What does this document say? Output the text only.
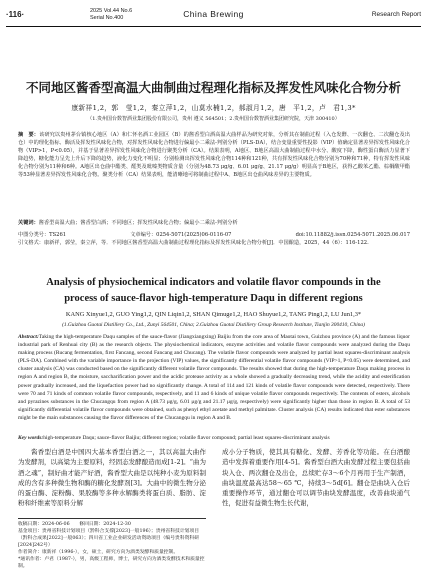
·116·	2025 Vol.44 No.6
Serial No.400	China Brewing	Research Report
不同地区酱香型高温大曲制曲过程理化指标及挥发性风味化合物分析
康新祥1,2，郭　莹1,2，秦立萍1,2，山莫水楠1,2，郝淑月1,2，唐　平1,2，卢　君1,3*
（1.贵州国台数智酒业集团股份有限公司，贵州 遵义 564501；2.贵州国台数智酒业集团研究院，天津 300410）
摘　要：该研究以贵州茅台镇核心地区（A）和仁怀名酒工业园区（B）的酱香型白酒高温大曲样品为研究对象，分析其在制曲过程（入仓发酵、一次翻仓、二次翻仓及出仓）中的理化指标、酶活及挥发性风味化合物，对挥发性风味化合物进行偏最小二乘法-判别分析（PLS-DA），结合变量重要性投影（VIP）值确定显著差异挥发性风味化合物（VIP>1，P<0.05），并基于显著差异挥发性风味化合物进行聚类分析（CA）。结果表明，A地区、B地区高温大曲制曲过程中水分、酸度下降，酶性蛋白酶活力显著下降趋势，糖化能力呈先上升后下降的趋势，液化力变化不明显；分别检测出挥发性风味化合物114种和121种，共有挥发性风味化合物分别为70种和71种，特有挥发性风味化合物分别为11种和6种。A地区出仓曲中酯类、醛类及吡嗪类物质含量（分别为48.73 μg/g、6.01 μg/g、21.17 μg/g）明显高于B地区，获得乙酸苯乙酯、棕榈酸甲酯等53种显著差异挥发性风味化合物。聚类分析（CA）结果表明，能清晰地可将制曲过程中A、B地区出仓曲风味差异的主要物质。
关键词：酱香型高温大曲；酱香型白酒；不同地区；挥发性风味化合物；偏最小二乘法-判别分析
中图分类号：TS261	文章编号：0254-5071(2025)06-0116-07	doi:10.11882/j.issn.0254-5071.2025.06.017
引文格式：康新祥，郭莹，秦立萍，等．不同地区酱香型高温大曲制曲过程理化指标及挥发性风味化合物分析[J]．中国酿造，2025，44（6）：116-122.
Analysis of physiochemical indicators and volatile flavor compounds in the process of sauce-flavor high-temperature Daqu in different regions
KANG Xinyue1,2, GUO Ying1,2, QIN Liqin1,2, SHAN Qimuge1,2, HAO Shuyue1,2, TANG Ping1,2, LU Jun1,3*
(1.Guizhou Guotai Distillery Co., Ltd., Zunyi 564501, China; 2.Guizhou Guotai Distillery Group Research Institute, Tianjin 300410, China)
Abstract:Taking the high-temperature Daqu samples of the sauce-flavor (Jiangxiangxing) Baijiu from the core area of Maotai town, Guizhou province (A) and the famous liquor industrial park of Renhuai city (B) as the research objects. The physiochemical indicators, enzyme activities and volatile flavor compounds were analyzed during the Daqu making process (Rucang fermentation, first Fancang, second Fancang and Chucang). The volatile flavor compounds were analyzed by partial least squares-discriminant analysis (PLS-DA). Combined with the variable importance in the projection (VIP) values, the significantly differential volatile flavor compounds (VIP>1, P<0.05) were determined, and cluster analysis (CA) was conducted based on the significantly different volatile flavor compounds. The results showed that during the high-temperature Daqu making process in region A and region B, the moisture, saccharification power and the acidic protease activity as a whole showed a gradually decreasing trend, while the acidity and esterification power gradually increased, and the liquefaction power had no significantly change. A total of 114 and 121 kinds of volatile flavor compounds were detected, respectively. There were 70 and 71 kinds of common volatile flavor compounds, respectively, and 11 and 6 kinds of unique volatile flavor compounds respectively. The contents of esters, alcohols and pyrazines substances in the Chucangqu from region A (48.73 μg/g, 6.01 μg/g and 21.17 μg/g, respectively) were significantly higher than those in region B. A total of 53 significantly differential volatile flavor compounds were obtained, such as phenyl ethyl acetate and methyl palmitate. Cluster analysis (CA) results indicated that ester substances might be the main substances causing the flavor differences of the Chucangqu in region A and B.
Key words:high-temperature Daqu; sauce-flavor Baijiu; different region; volatile flavor compound; partial least squares-discriminant analysis

酱香型白酒是中国四大基本香型白酒之一，其以高温大曲作为发酵剂，以高粱为主要原料，经固态发酵酿造而成[1-2]。“曲为酒之魂”，制好曲才能产好酒，酱香型大曲是以纯种小麦为原料制成的含有多种微生物和酶的糖化发酵剂[3]。大曲中的微生物分泌的蛋白酶、淀粉酶、果胶酶等多种水解酶类将蛋白质、脂肪、淀粉和纤维素等原料分解

成小分子物质，使其具有糖化、发酵、芳香化等功能。在白酒酿造中发挥着重要作用[4-5]。酱香型白酒大曲发酵过程主要包括曲块入仓、两次翻仓及出仓，总续贮存3～6个月再用于生产制酒，曲块温度最高达58～65 ℃，持续3～5d[6]。翻仓是曲块入仓后重要操作环节，通过翻仓可以调节曲块发酵温度，改善曲块通气性，促进有益微生物生长代谢，

收稿日期：2024-06-06　　 修回日期：2024-12-30
基金项目：贵州省科技计划项目（黔科合支撑[2023]一般196）；贵州省科技计划项目（黔科合成果[2022]一般063）；四川省工业企业研发活动资助项目（编号贵科资科研[2024]242号）
作者简介：康新祥（1996-），女，硕士，研究方向为酒类发酵和质量控制。
*通讯作者：卢君（1987-），男，高级工程师，博士，研究方向为酒类发酵技术和质量控制。
